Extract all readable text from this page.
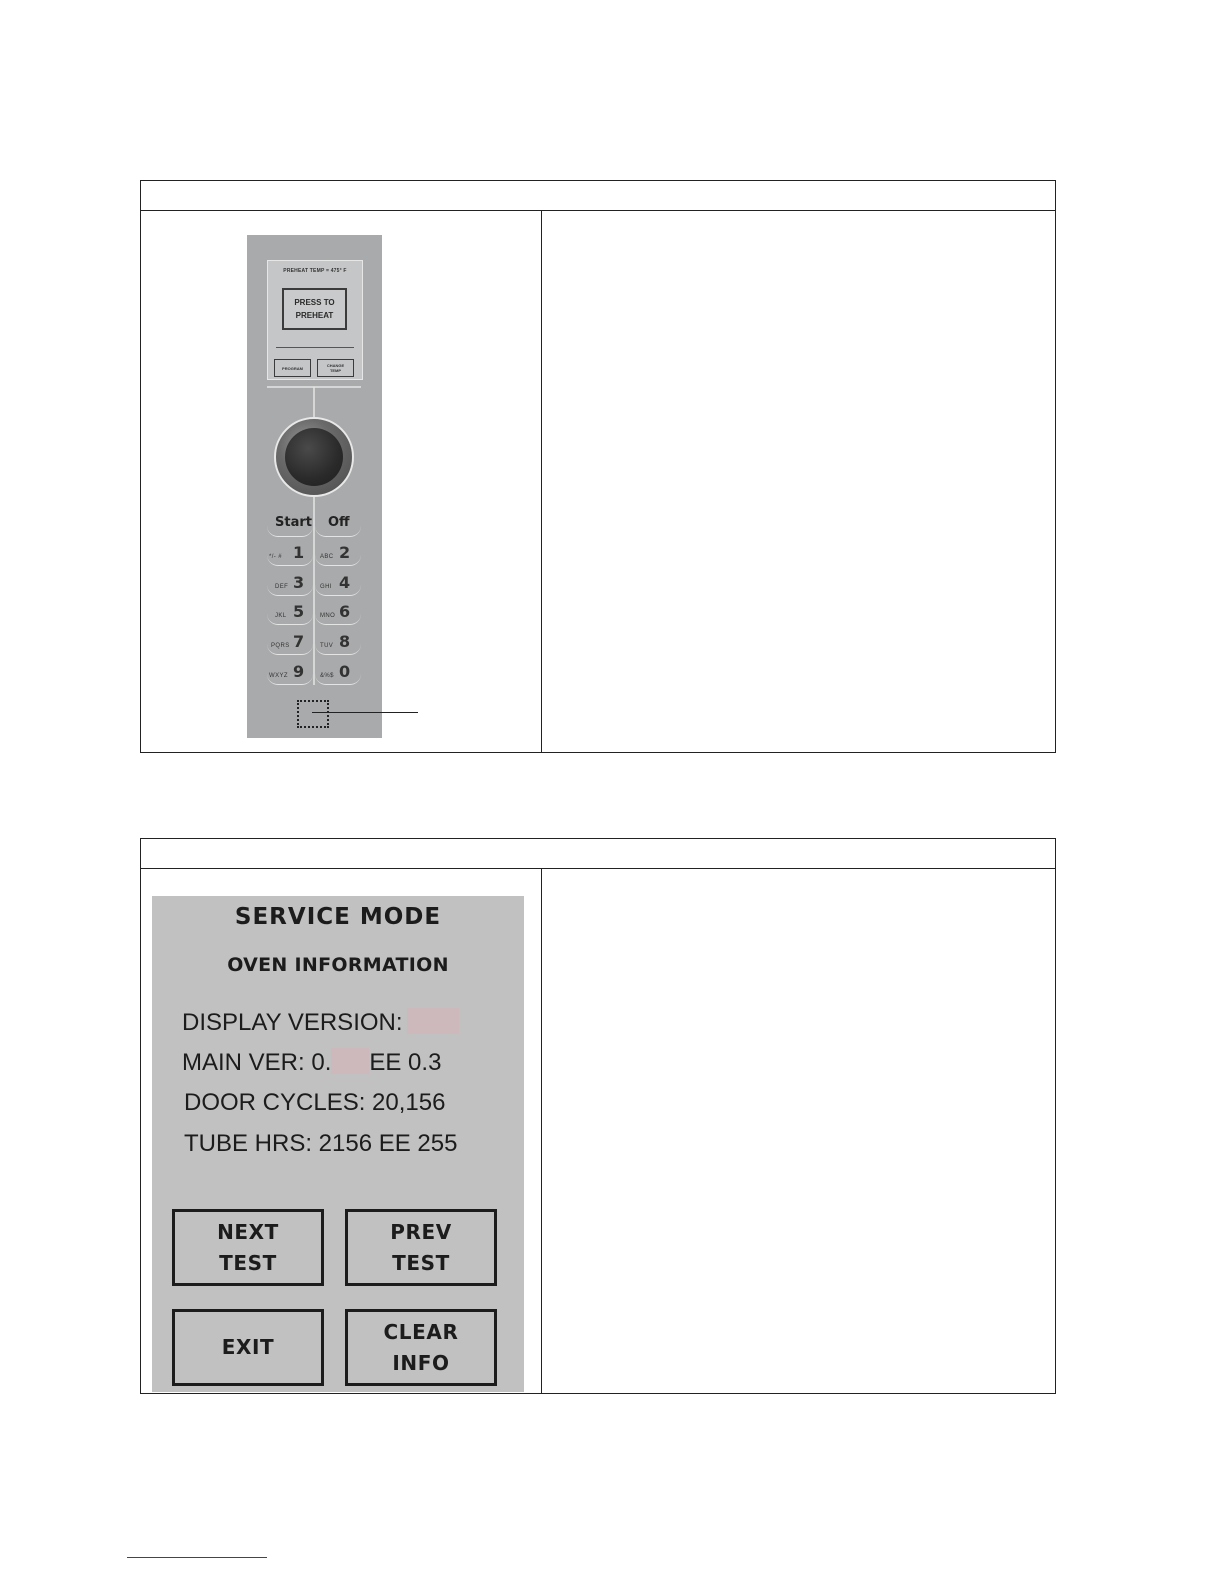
PREHEAT TEMP = 475° F
PRESS TO PREHEAT
PROGRAM	CHANGE TEMP
Start Off
*/- # 1	ABC 2
DEF 3	GHI 4
JKL 5	MNO 6
PQRS 7	TUV 8
WXYZ 9	&%$ 0
SERVICE MODE
OVEN INFORMATION
DISPLAY VERSION:
MAIN VER: 0. EE 0.3
DOOR CYCLES: 20,156
TUBE HRS: 2156 EE 255
NEXT
TEST
PREV
TEST
EXIT
CLEAR
INFO
